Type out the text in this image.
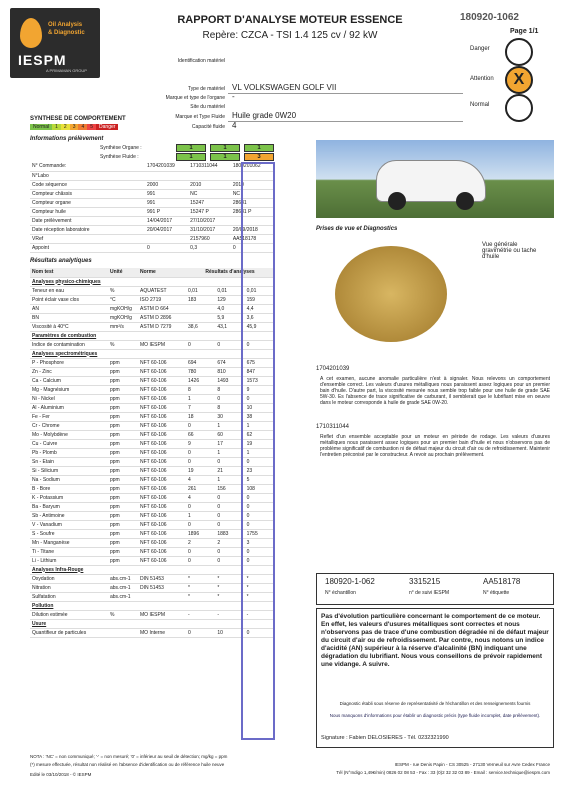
Oil Analysis
& Diagnostic
IESPM
A PRIMAMAN GROUP
RAPPORT D'ANALYSE MOTEUR ESSENCE
Repère: CZCA - TSI 1.4 125 cv / 92 kW
180920-1062
Page 1/1
Danger
Attention	X
Normal
Identification matériel
Type de matériel VL VOLKSWAGEN GOLF VII
Marque et type de l'organe -
Site du matériel
Marque et Type Fluide Huile grade 0W20
Capacité fluide 4
SYNTHESE DE COMPORTEMENT
Normal	1	2	3	4	5	Danger
Informations prélèvement
Synthèse Organe :
Synthèse Fluide :
1	1	1
1	1	3
N° Commande:	1704201039	1710311044	1809201062
N°Labo			
Code séquence	2000	2010	2010
Compteur châssis	991	NC	NC
Compteur organe	991	15247	28681
Compteur huile	991 P	15247 P	28681 P
Date prélèvement	14/04/2017	27/10/2017	
Date réception laboratoire	20/04/2017	31/10/2017	20/09/2018
VRef		2157960	AA518178
Appoint	0	0,3	0
Résultats analytiques
Nom test	Unité	Norme	Résultats d'analyses		
Analyses physico-chimiques					
Teneur en eau	%	AQUATEST	0,01	0,01	0,01
Point éclair vase clos	°C	ISO 2719	183	129	159
AN	mgKOH/g	ASTM D 664		4,0	4,4
BN	mgKOH/g	ASTM D 2896		5,9	3,6
Viscosité à 40°C	mm²/s	ASTM D 7279	38,6	43,1	45,9
Paramètres de combustion					
Indice de contamination	%	MO IESPM	0	0	0
Analyses spectrométriques					
P - Phosphore	ppm	NFT 60-106	694	674	675
Zn - Zinc	ppm	NFT 60-106	780	810	847
Ca - Calcium	ppm	NFT 60-106	1426	1493	1573
Mg - Magnésium	ppm	NFT 60-106	8	8	9
Ni - Nickel	ppm	NFT 60-106	1	0	0
Al - Aluminium	ppm	NFT 60-106	7	8	10
Fe - Fer	ppm	NFT 60-106	18	30	38
Cr - Chrome	ppm	NFT 60-106	0	1	1
Mo - Molybdène	ppm	NFT 60-106	66	60	62
Cu - Cuivre	ppm	NFT 60-106	9	17	19
Pb - Plomb	ppm	NFT 60-106	0	1	1
Sn - Etain	ppm	NFT 60-106	0	0	0
Si - Silicium	ppm	NFT 60-106	19	21	23
Na - Sodium	ppm	NFT 60-106	4	1	5
B - Bore	ppm	NFT 60-106	261	156	108
K - Potassium	ppm	NFT 60-106	4	0	0
Ba - Baryum	ppm	NFT 60-106	0	0	0
Sb - Antimoine	ppm	NFT 60-106	1	0	0
V - Vanadium	ppm	NFT 60-106	0	0	0
S - Soufre	ppm	NFT 60-106	1896	1883	1755
Mn - Manganèse	ppm	NFT 60-106	2	2	3
Ti - Titane	ppm	NFT 60-106	0	0	0
Li - Lithium	ppm	NFT 60-106	0	0	0
Analyses Infra-Rouge					
Oxydation	abs.cm-1	DIN 51453	*	*	*
Nitration	abs.cm-1	DIN 51453	*	*	*
Sulfatation	abs.cm-1		*	*	*
Pollution					
Dilution estimée	%	MO IESPM	-	-	-
Usure					
Quantifieur de particules		MO Interne	0	10	0
Prises de vue et Diagnostics
Vue générale gravimétrie ou tache d'huile
1704201039
A cet examen, aucune anomalie particulière n'est à signaler. Nous relevons un comportement d'ensemble correct. Les valeurs d'usures métalliques nous paraissent assez logiques pour un premier bain d'huile. D'autre part, la viscosité mesurée nous semble trop faible pour une huile de grade SAE 5W-30. Es l'absence de trace significative de carburant, il semblerait que le lubrifiant mise en oeuvre dans le moteur corresponde à huile de grade SAE 0W-20.
1710311044
Reflet d'un ensemble acceptable pour un moteur en période de rodage. Les valeurs d'usures métalliques nous paraissent assez logiques pour un premier bain d'huile et nous n'observons pas de problème significatif de combustion ni de défaut majeur du circuit d'air ou de refroidissement. Maintenir l'entretien préconisé par le constructeur. A revoir au prochain prélèvement.
180920-1-062	3315215	AA518178
N° échantillon	n° de suivi IESPM	N° étiquette
Pas d'évolution particulière concernant le comportement de ce moteur. En effet, les valeurs d'usures métalliques sont correctes et nous n'observons pas de trace d'une combustion dégradée ni de défaut majeur du circuit d'air ou de refroidissement. Par contre, nous notons un indice d'acidité (AN) supérieur à la réserve d'alcalinité (BN) indiquant une dégradation du lubrifiant. Nous vous conseillons de prévoir rapidement une vidange. A suivre.
Diagnostic établi sous réserve de représentativité de l'échantillon et des renseignements fournis
Nous manquons d'informations pour établir un diagnostic précis (type fluide incomplet, date prélèvement).
Signature : Fabien DELOSIERES - Tél. 0232321990
NOTA : 'NC' = non communiqué; '-' = non mesuré; '0' = inférieur au seuil de détection; mg/kg = ppm
(*) mesure effectuée, résultat non réalisé en l'absence d'identification ou de référence huile neuve
Edité le 03/10/2018 - © IESPM
IESPM - rue Denis Papin - CS 30525 - 27130 Verneuil sur Avre Cedex France
Tél (N°Indigo 1,49€/min) 0826 02 08 53 - Fax : 33 (0)2 32 32 03 89 - Email : service.technique@iespm.com
